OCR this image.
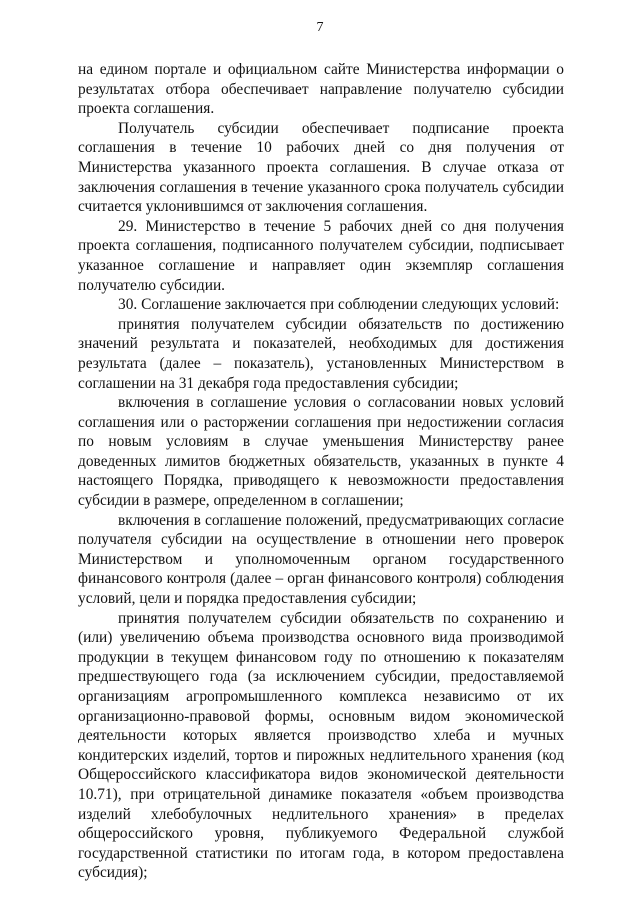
7

на едином портале и официальном сайте Министерства информации о результатах отбора обеспечивает направление получателю субсидии проекта соглашения.

Получатель субсидии обеспечивает подписание проекта соглашения в течение 10 рабочих дней со дня получения от Министерства указанного проекта соглашения. В случае отказа от заключения соглашения в течение указанного срока получатель субсидии считается уклонившимся от заключения соглашения.

29. Министерство в течение 5 рабочих дней со дня получения проекта соглашения, подписанного получателем субсидии, подписывает указанное соглашение и направляет один экземпляр соглашения получателю субсидии.

30. Соглашение заключается при соблюдении следующих условий:

принятия получателем субсидии обязательств по достижению значений результата и показателей, необходимых для достижения результата (далее – показатель), установленных Министерством в соглашении на 31 декабря года предоставления субсидии;

включения в соглашение условия о согласовании новых условий соглашения или о расторжении соглашения при недостижении согласия по новым условиям в случае уменьшения Министерству ранее доведенных лимитов бюджетных обязательств, указанных в пункте 4 настоящего Порядка, приводящего к невозможности предоставления субсидии в размере, определенном в соглашении;

включения в соглашение положений, предусматривающих согласие получателя субсидии на осуществление в отношении него проверок Министерством и уполномоченным органом государственного финансового контроля (далее – орган финансового контроля) соблюдения условий, цели и порядка предоставления субсидии;

принятия получателем субсидии обязательств по сохранению и (или) увеличению объема производства основного вида производимой продукции в текущем финансовом году по отношению к показателям предшествующего года (за исключением субсидии, предоставляемой организациям агропромышленного комплекса независимо от их организационно-правовой формы, основным видом экономической деятельности которых является производство хлеба и мучных кондитерских изделий, тортов и пирожных недлительного хранения (код Общероссийского классификатора видов экономической деятельности 10.71), при отрицательной динамике показателя «объем производства изделий хлебобулочных недлительного хранения» в пределах общероссийского уровня, публикуемого Федеральной службой государственной статистики по итогам года, в котором предоставлена субсидия);
